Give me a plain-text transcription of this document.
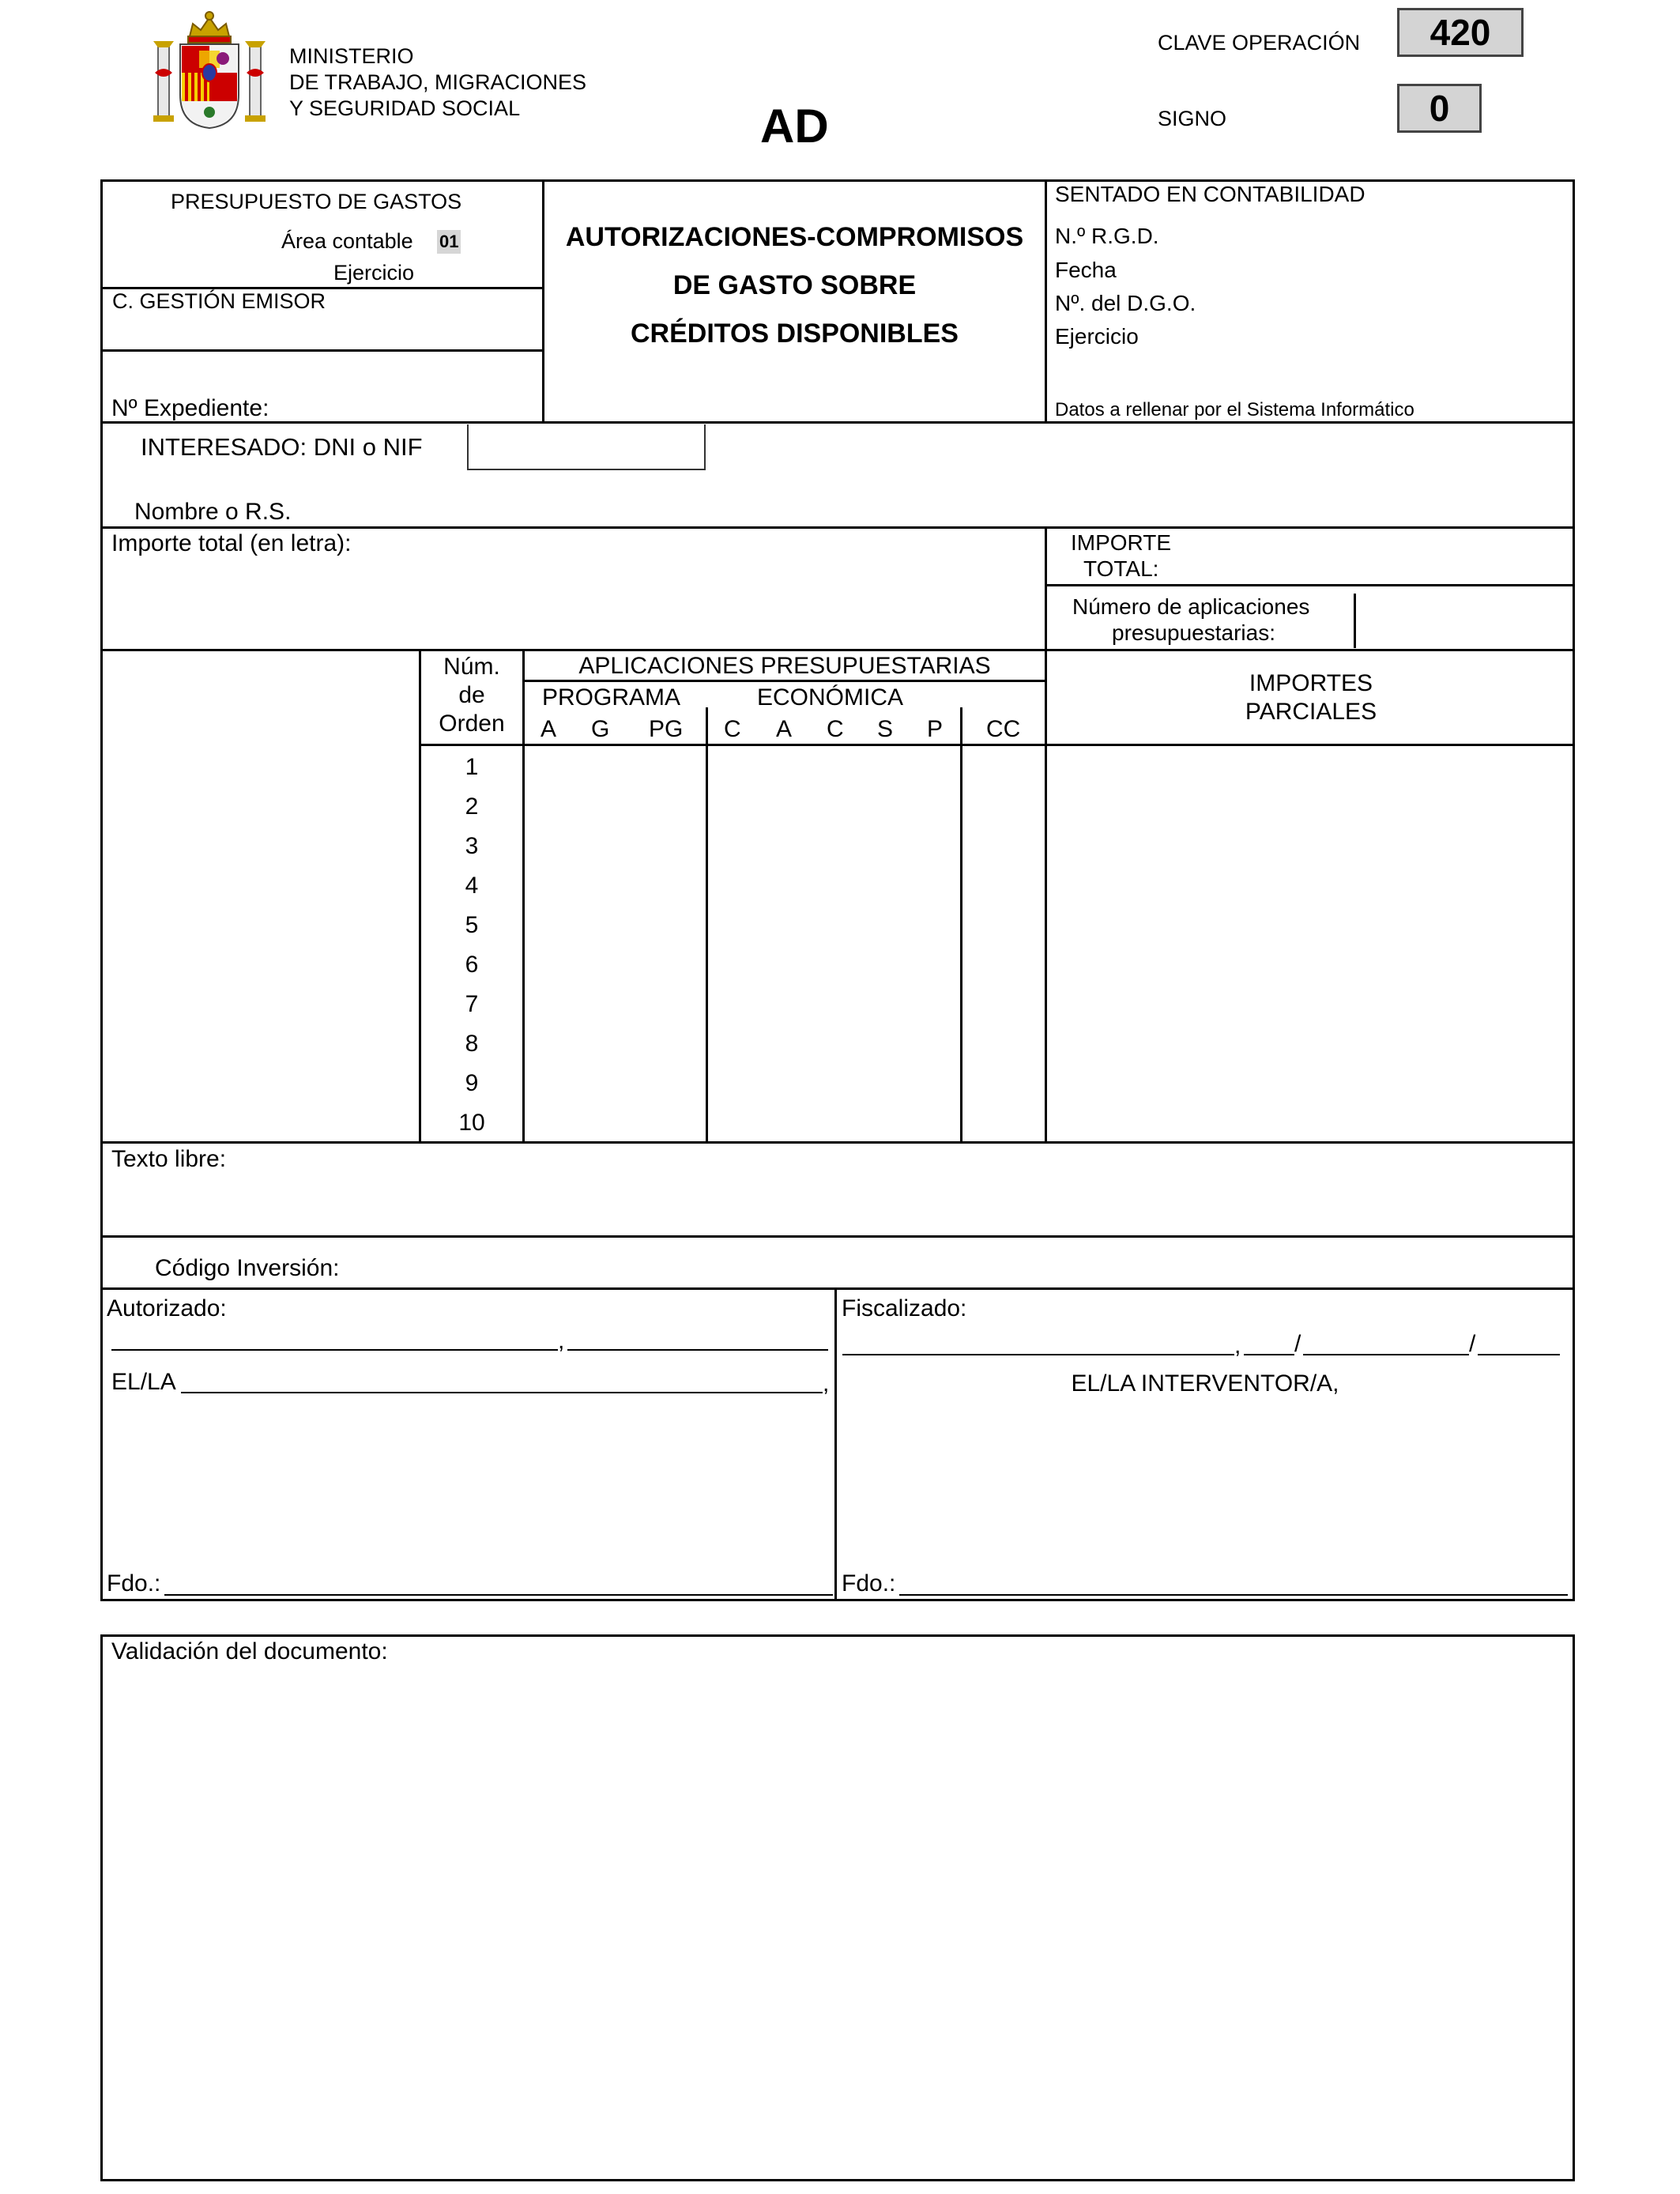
MINISTERIO
DE TRABAJO, MIGRACIONES
Y SEGURIDAD SOCIAL	AD
CLAVE OPERACIÓN	420
SIGNO	0
PRESUPUESTO DE GASTOS
Área contable 01
Ejercicio
C. GESTIÓN EMISOR
Nº Expediente:
AUTORIZACIONES-COMPROMISOS
DE GASTO SOBRE
CRÉDITOS DISPONIBLES
SENTADO EN CONTABILIDAD
N.º R.G.D.
Fecha
Nº. del D.G.O.
Ejercicio
Datos a rellenar por el Sistema Informático
INTERESADO: DNI o NIF
Nombre o R.S.
Importe total (en letra):	IMPORTE
TOTAL:
Número de aplicaciones
presupuestarias:
Núm.
de
Orden
APLICACIONES PRESUPUESTARIAS
PROGRAMA	ECONÓMICA
A G PG C A C S P CC
IMPORTES
PARCIALES
1
2
3
4
5
6
7
8
9
10
Texto libre:
Código Inversión:
Autorizado:
,
EL/LA	,
Fdo.:
Fiscalizado:
, /	/
EL/LA INTERVENTOR/A,
Fdo.:
Validación del documento:
